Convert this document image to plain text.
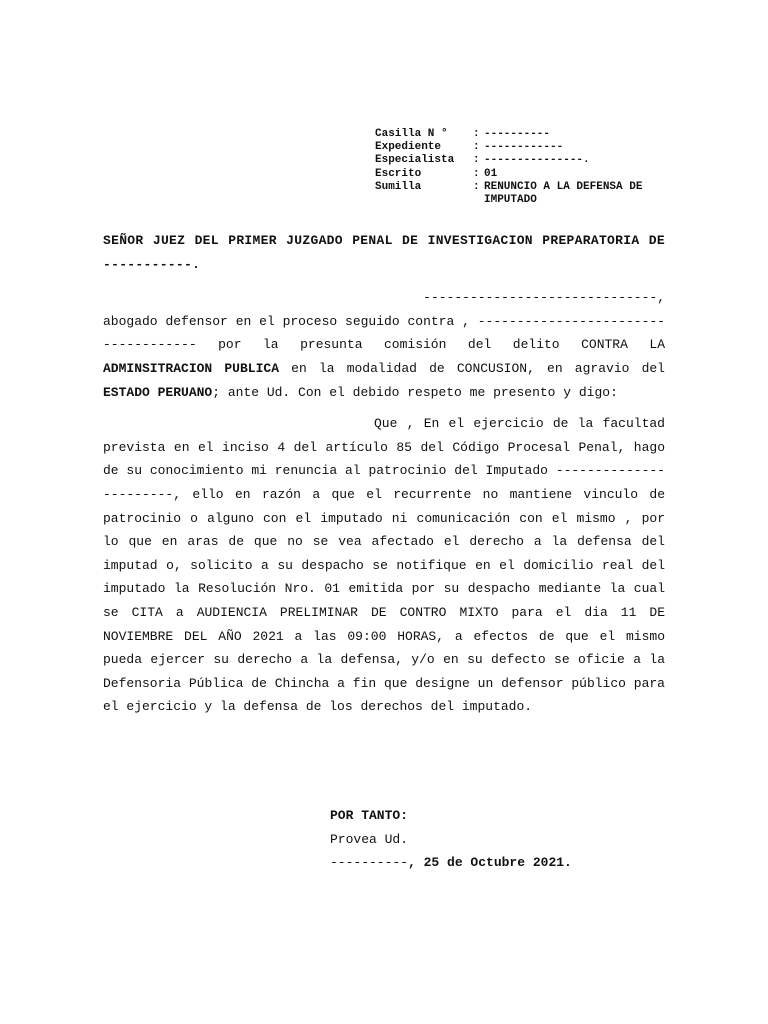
Casilla N °	: ----------
Expediente	: ------------
Especialista	: ---------------.
Escrito	: 01
Sumilla	: RENUNCIO A LA DEFENSA DE IMPUTADO

SEÑOR JUEZ DEL PRIMER JUZGADO PENAL DE INVESTIGACION PREPARATORIA DE -----------.

------------------------------,

abogado defensor en el proceso seguido contra , ------------------------------------ por la presunta comisión del delito CONTRA LA ADMINSITRACION PUBLICA en la modalidad de CONCUSION, en agravio del ESTADO PERUANO; ante Ud. Con el debido respeto me presento y digo:

Que , En el ejercicio de la facultad prevista en el inciso 4 del artículo 85 del Código Procesal Penal, hago de su conocimiento mi renuncia al patrocinio del Imputado -----------------------, ello en razón a que el recurrente no mantiene vinculo de patrocinio o alguno con el imputado ni comunicación con el mismo , por lo que en aras de que no se vea afectado el derecho a la defensa del imputad o, solicito a su despacho se notifique en el domicilio real del imputado la Resolución Nro. 01 emitida por su despacho mediante la cual se CITA a AUDIENCIA PRELIMINAR DE CONTRO MIXTO para el dia 11 DE NOVIEMBRE DEL AÑO 2021 a las 09:00 HORAS, a efectos de que el mismo pueda ejercer su derecho a la defensa, y/o en su defecto se oficie a la Defensoria Pública de Chincha a fin que designe un defensor público para el ejercicio y la defensa de los derechos del imputado.

POR TANTO:

Provea Ud.

----------, 25 de Octubre 2021.
